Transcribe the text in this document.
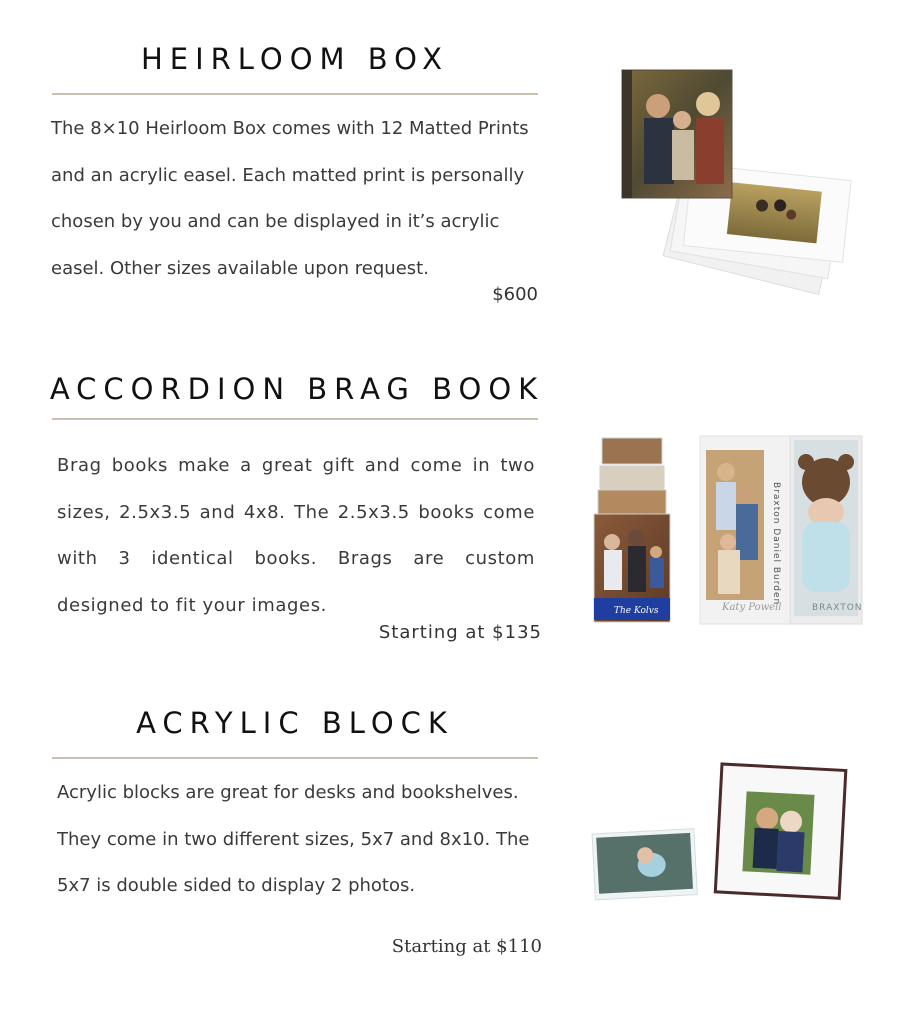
HEIRLOOM BOX

The 8×10 Heirloom Box comes with 12 Matted Prints and an acrylic easel. Each matted print is personally chosen by you and can be displayed in it’s acrylic easel. Other sizes available upon request.

$600
ACCORDION BRAG BOOK

Brag books make a great gift and come in two sizes, 2.5x3.5 and 4x8. The 2.5x3.5 books come with 3 identical books. Brags are custom designed to fit your images.

Starting at $135
The Kolvs	Katy Powell
Braxton Daniel Burden
BRAXTON
ACRYLIC BLOCK

Acrylic blocks are great for desks and bookshelves. They come in two different sizes, 5x7 and 8x10. The 5x7 is double sided to display 2 photos.

Starting at $110
